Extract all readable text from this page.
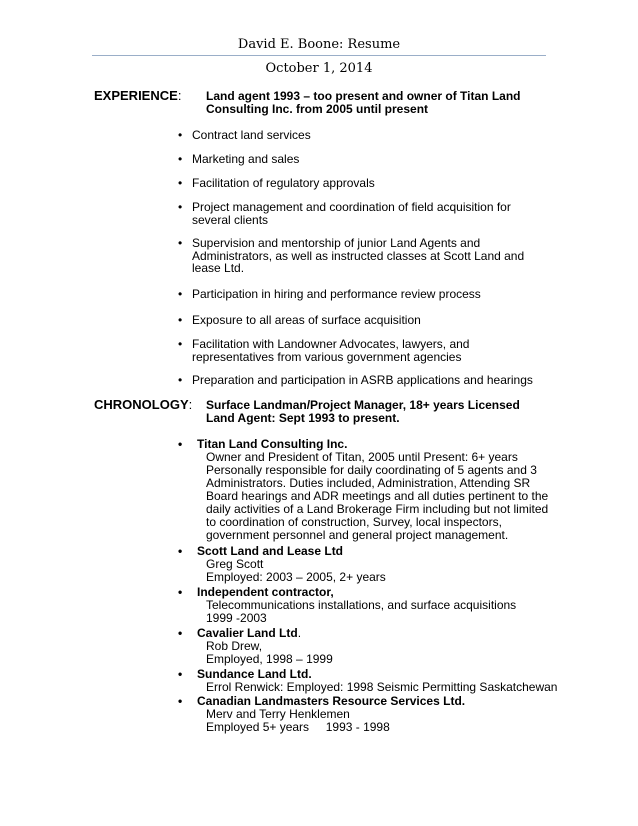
David E. Boone: Resume
October 1, 2014
EXPERIENCE: Land agent 1993 – too present and owner of Titan Land Consulting Inc. from 2005 until present
• Contract land services
• Marketing and sales
• Facilitation of regulatory approvals
• Project management and coordination of field acquisition for several clients
• Supervision and mentorship of junior Land Agents and Administrators, as well as instructed classes at Scott Land and lease Ltd.
• Participation in hiring and performance review process
• Exposure to all areas of surface acquisition
• Facilitation with Landowner Advocates, lawyers, and representatives from various government agencies
• Preparation and participation in ASRB applications and hearings
CHRONOLOGY: Surface Landman/Project Manager, 18+ years Licensed Land Agent: Sept 1993 to present.
• Titan Land Consulting Inc.
Owner and President of Titan, 2005 until Present: 6+ years
Personally responsible for daily coordinating of 5 agents and 3
Administrators. Duties included, Administration, Attending SR
Board hearings and ADR meetings and all duties pertinent to the
daily activities of a Land Brokerage Firm including but not limited
to coordination of construction, Survey, local inspectors,
government personnel and general project management.
• Scott Land and Lease Ltd
Greg Scott
Employed: 2003 – 2005, 2+ years
• Independent contractor,
Telecommunications installations, and surface acquisitions
1999 -2003
• Cavalier Land Ltd.
Rob Drew,
Employed, 1998 – 1999
• Sundance Land Ltd.
Errol Renwick: Employed: 1998 Seismic Permitting Saskatchewan
• Canadian Landmasters Resource Services Ltd.
Merv and Terry Henklemen
Employed 5+ years     1993 - 1998
